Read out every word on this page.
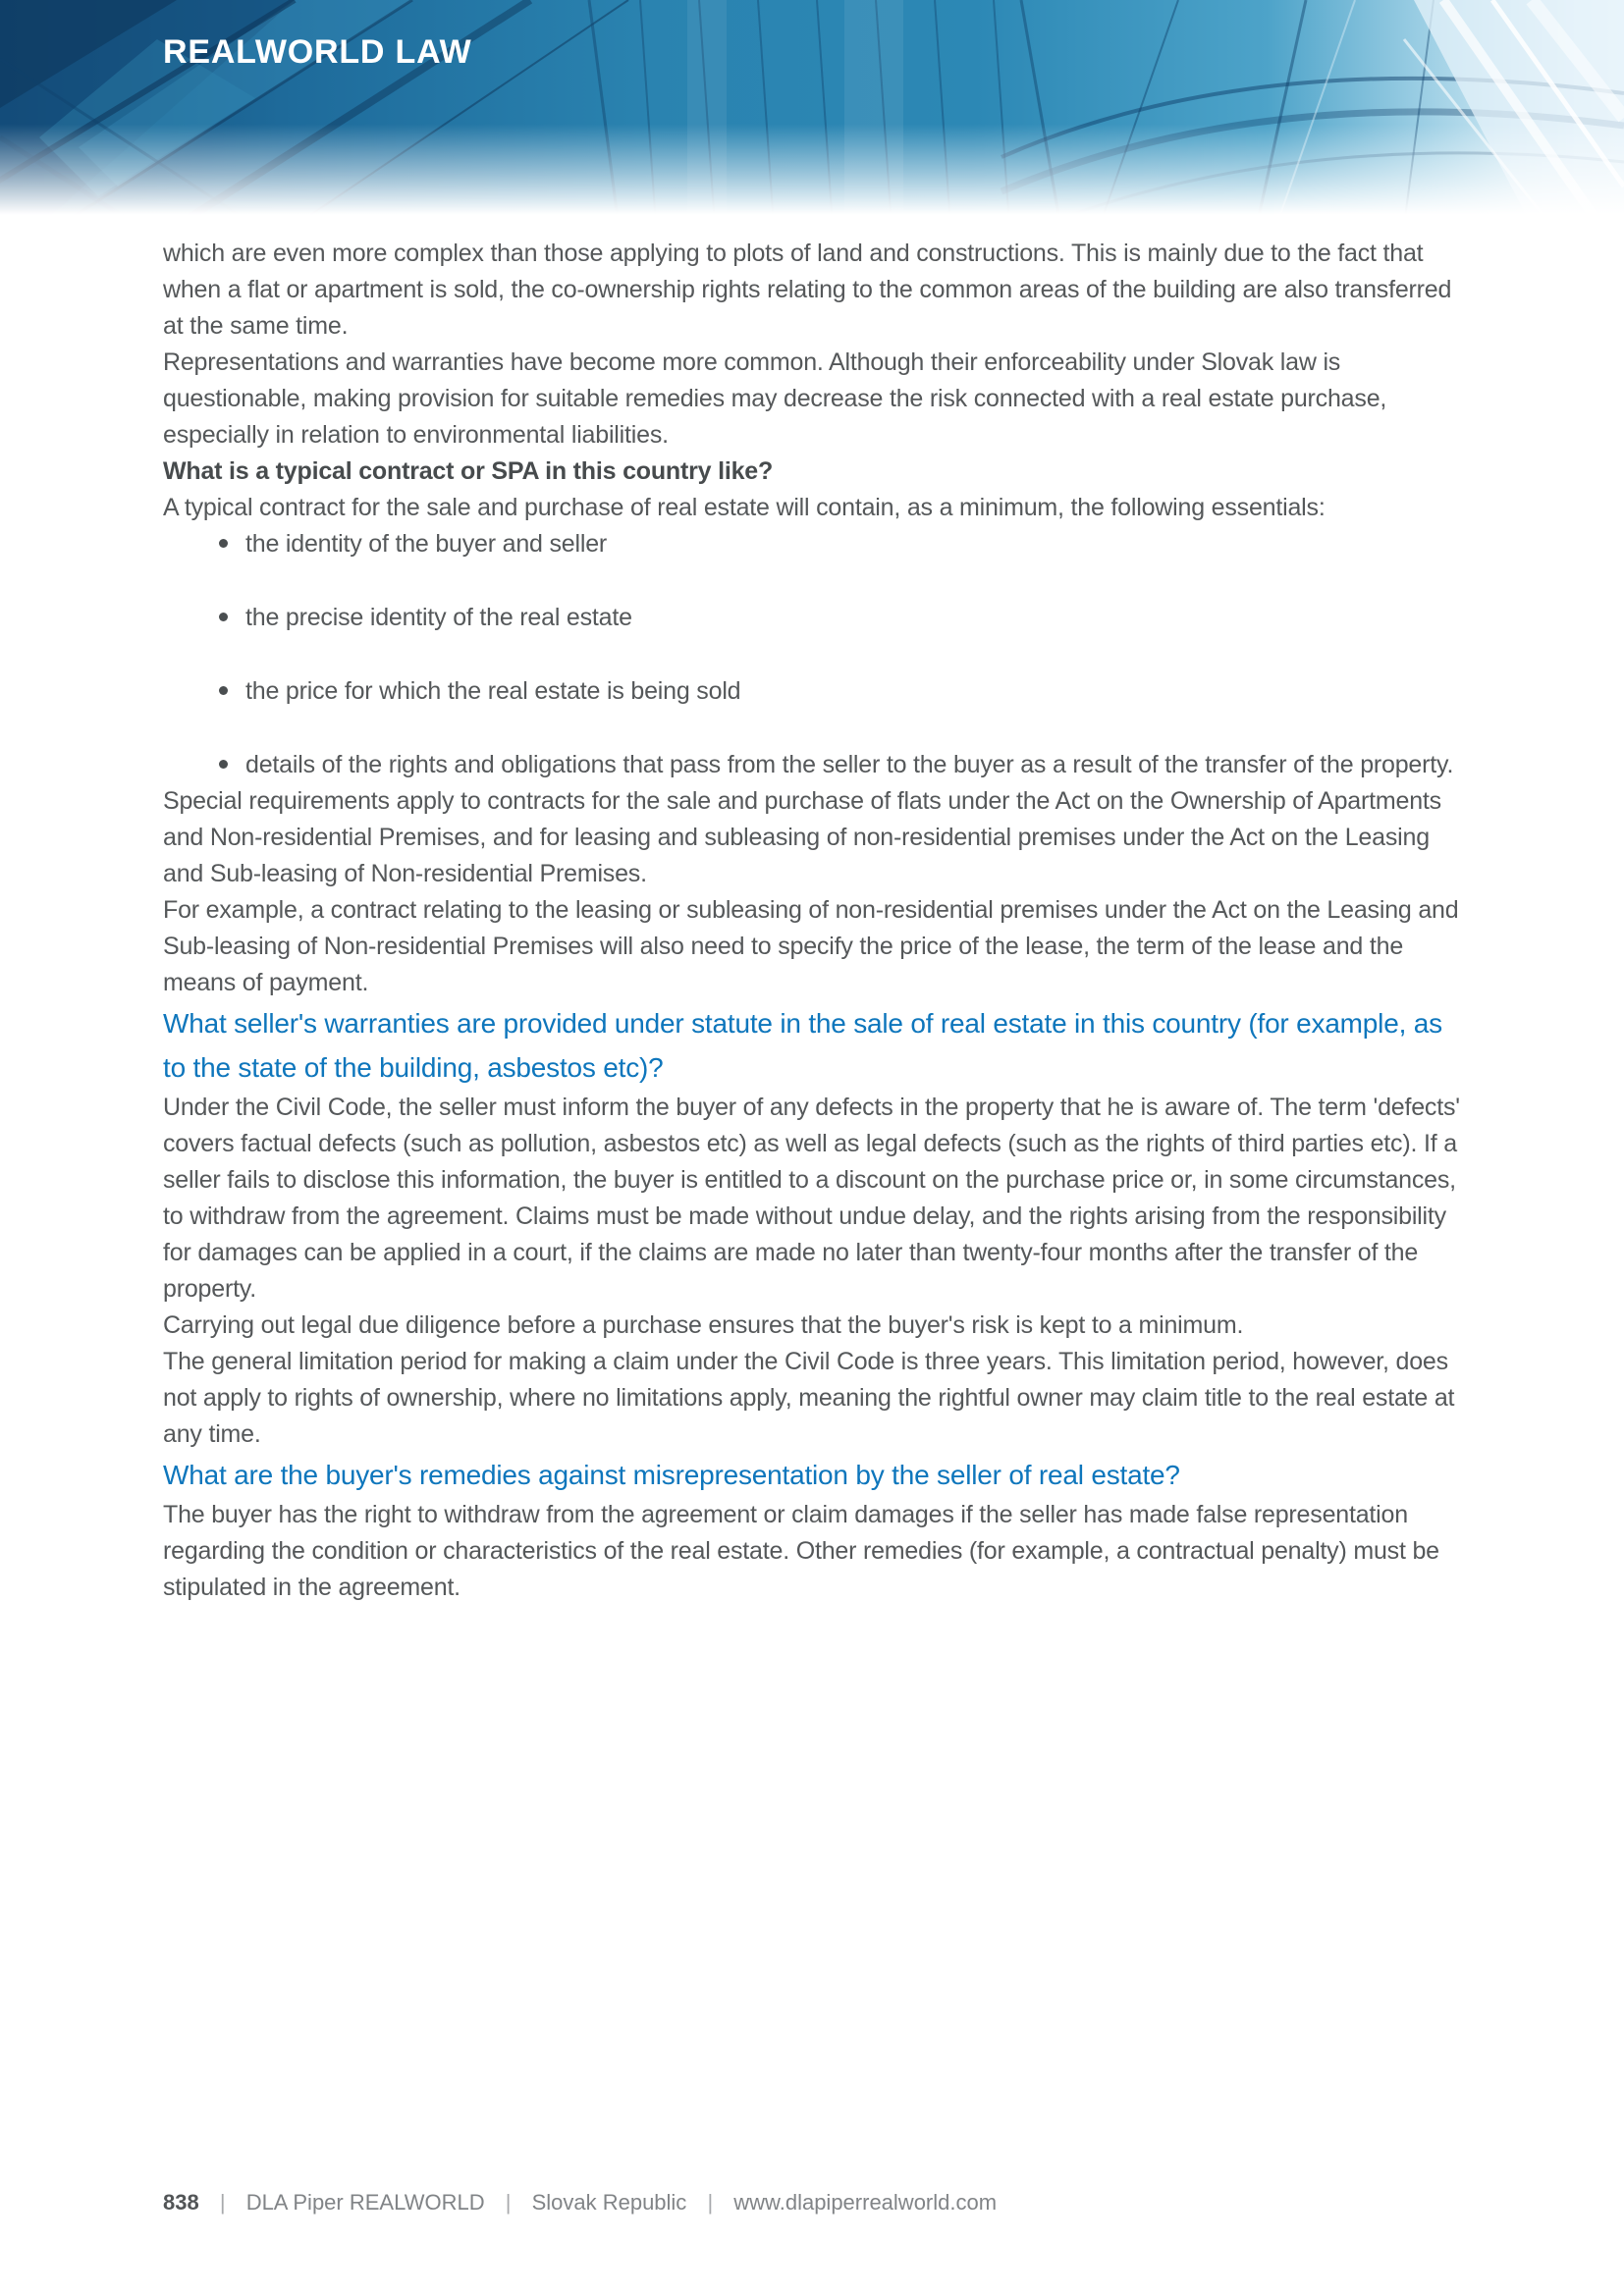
REALWORLD LAW

which are even more complex than those applying to plots of land and constructions. This is mainly due to the fact that when a flat or apartment is sold, the co-ownership rights relating to the common areas of the building are also transferred at the same time.

Representations and warranties have become more common. Although their enforceability under Slovak law is questionable, making provision for suitable remedies may decrease the risk connected with a real estate purchase, especially in relation to environmental liabilities.

What is a typical contract or SPA in this country like?

A typical contract for the sale and purchase of real estate will contain, as a minimum, the following essentials:

the identity of the buyer and seller
the precise identity of the real estate
the price for which the real estate is being sold
details of the rights and obligations that pass from the seller to the buyer as a result of the transfer of the property.

Special requirements apply to contracts for the sale and purchase of flats under the Act on the Ownership of Apartments and Non-residential Premises, and for leasing and subleasing of non-residential premises under the Act on the Leasing and Sub-leasing of Non-residential Premises.

For example, a contract relating to the leasing or subleasing of non-residential premises under the Act on the Leasing and Sub-leasing of Non-residential Premises will also need to specify the price of the lease, the term of the lease and the means of payment.

What seller's warranties are provided under statute in the sale of real estate in this country (for example, as to the state of the building, asbestos etc)?

Under the Civil Code, the seller must inform the buyer of any defects in the property that he is aware of. The term 'defects' covers factual defects (such as pollution, asbestos etc) as well as legal defects (such as the rights of third parties etc). If a seller fails to disclose this information, the buyer is entitled to a discount on the purchase price or, in some circumstances, to withdraw from the agreement. Claims must be made without undue delay, and the rights arising from the responsibility for damages can be applied in a court, if the claims are made no later than twenty-four months after the transfer of the property.

Carrying out legal due diligence before a purchase ensures that the buyer's risk is kept to a minimum.

The general limitation period for making a claim under the Civil Code is three years. This limitation period, however, does not apply to rights of ownership, where no limitations apply, meaning the rightful owner may claim title to the real estate at any time.

What are the buyer's remedies against misrepresentation by the seller of real estate?

The buyer has the right to withdraw from the agreement or claim damages if the seller has made false representation regarding the condition or characteristics of the real estate. Other remedies (for example, a contractual penalty) must be stipulated in the agreement.

838 | DLA Piper REALWORLD | Slovak Republic | www.dlapiperrealworld.com
